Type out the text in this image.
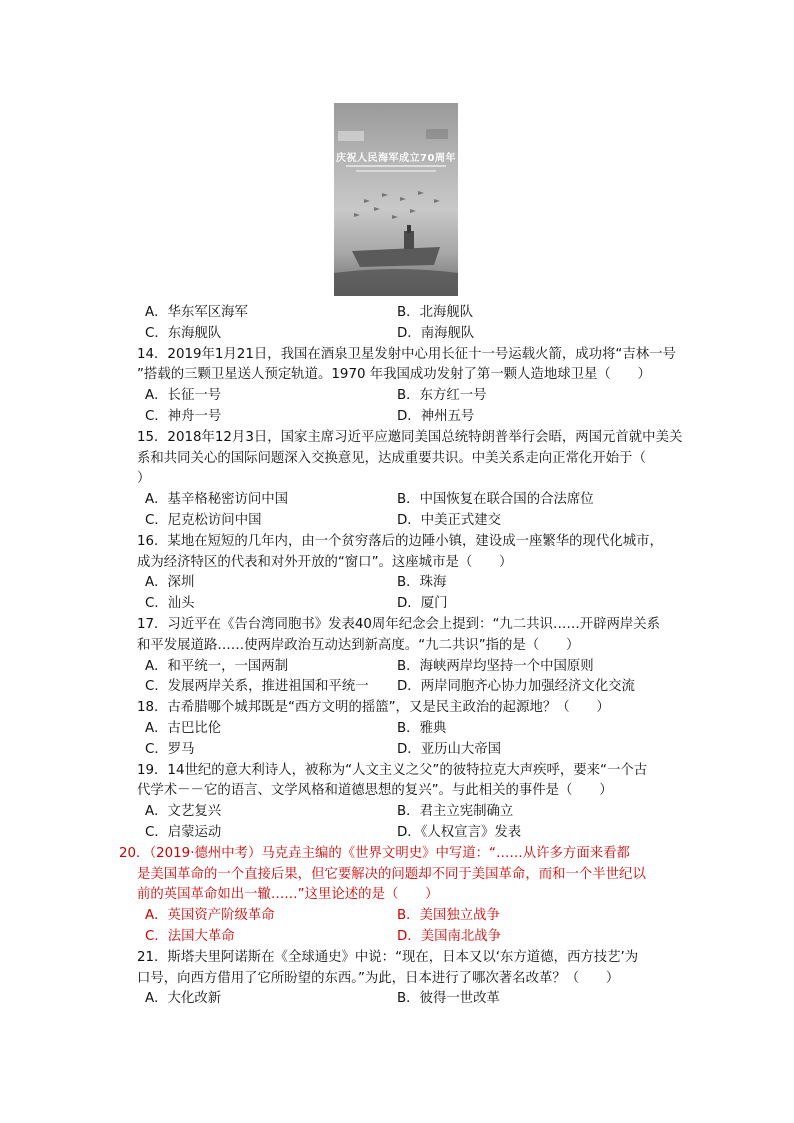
庆祝人民海军成立70周年
A．华东军区海军	B．北海舰队
C．东海舰队	D．南海舰队
14．2019年1月21日，我国在酒泉卫星发射中心用长征十一号运载火箭，成功将“吉林一号
”搭载的三颗卫星送人预定轨道。1970 年我国成功发射了第一颗人造地球卫星（　　）
A．长征一号	B．东方红一号
C．神舟一号	D．神州五号
15．2018年12月3日，国家主席习近平应邀同美国总统特朗普举行会晤，两国元首就中美关
系和共同关心的国际问题深入交换意见，达成重要共识。中美关系走向正常化开始于（
）
A．基辛格秘密访问中国	B．中国恢复在联合国的合法席位
C．尼克松访问中国	D．中美正式建交
16．某地在短短的几年内，由一个贫穷落后的边陲小镇，建设成一座繁华的现代化城市，
成为经济特区的代表和对外开放的“窗口”。这座城市是（　　）
A．深圳	B．珠海
C．汕头	D．厦门
17．习近平在《告台湾同胞书》发表40周年纪念会上提到：“九二共识……开辟两岸关系
和平发展道路……使两岸政治互动达到新高度。“九二共识”指的是（　　）
A．和平统一，一国两制	B．海峡两岸均坚持一个中国原则
C．发展两岸关系，推进祖国和平统一	D．两岸同胞齐心协力加强经济文化交流
18．古希腊哪个城邦既是“西方文明的摇篮”，又是民主政治的起源地？（　　）
A．古巴比伦	B．雅典
C．罗马	D．亚历山大帝国
19．14世纪的意大利诗人，被称为“人文主义之父”的彼特拉克大声疾呼，要来“一个古
代学术－－它的语言、文学风格和道德思想的复兴”。与此相关的事件是（　　）
A．文艺复兴	B．君主立宪制确立
C．启蒙运动	D．《人权宣言》发表
20．（2019·德州中考）马克垚主编的《世界文明史》中写道：“……从许多方面来看都
是美国革命的一个直接后果，但它要解决的问题却不同于美国革命，而和一个半世纪以
前的英国革命如出一辙……”这里论述的是（　　）
A．英国资产阶级革命	B．美国独立战争
C．法国大革命	D．美国南北战争
21．斯塔夫里阿诺斯在《全球通史》中说：“现在，日本又以‘东方道德，西方技艺’为
口号，向西方借用了它所盼望的东西。”为此，日本进行了哪次著名改革？（　　）
A．大化改新	B．彼得一世改革
